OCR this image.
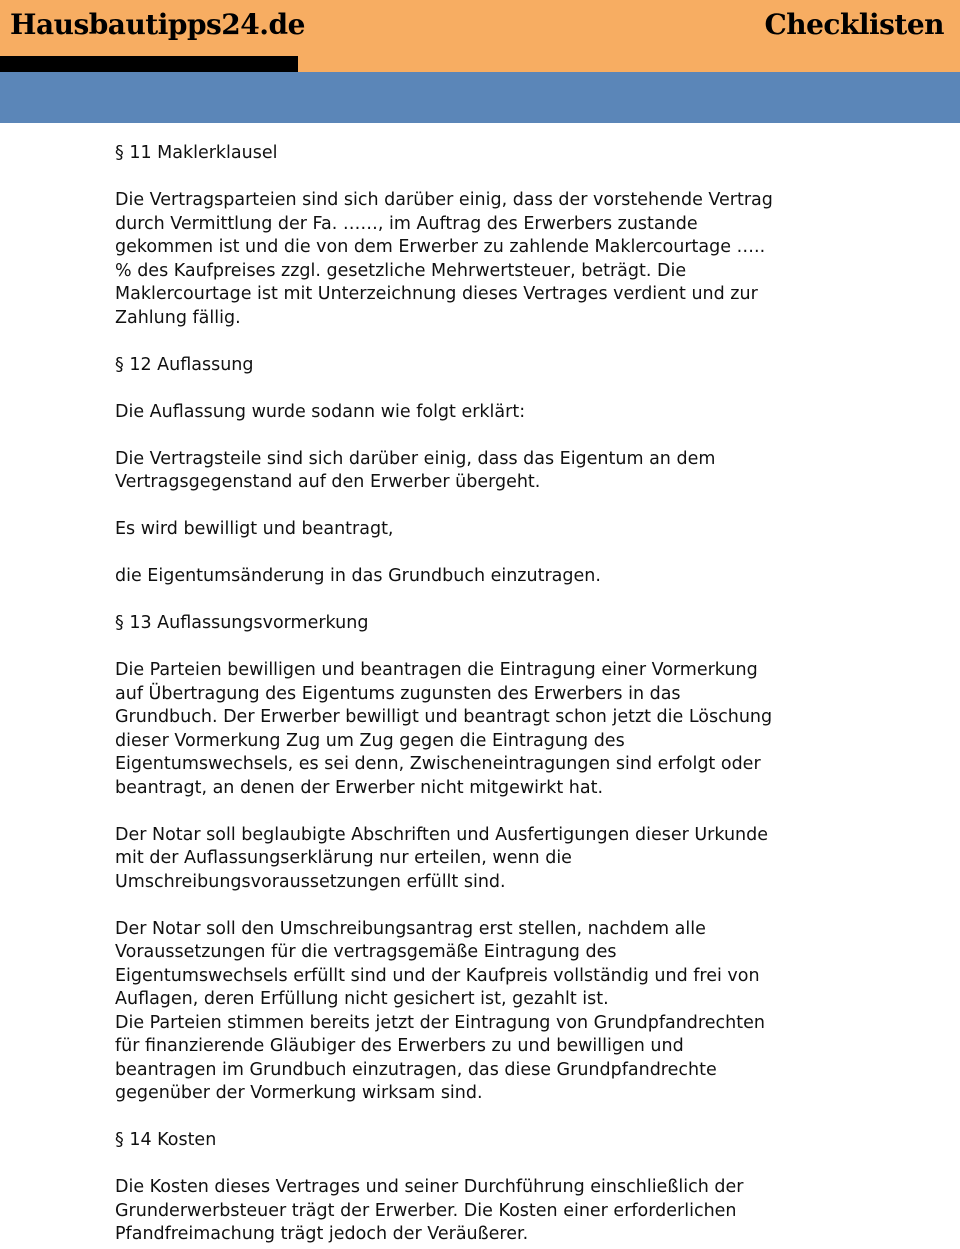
Hausbautipps24.de	Checklisten

§ 11 Maklerklausel

Die Vertragsparteien sind sich darüber einig, dass der vorstehende Vertrag
durch Vermittlung der Fa. ……, im Auftrag des Erwerbers zustande
gekommen ist und die von dem Erwerber zu zahlende Maklercourtage …..
% des Kaufpreises zzgl. gesetzliche Mehrwertsteuer, beträgt. Die
Maklercourtage ist mit Unterzeichnung dieses Vertrages verdient und zur
Zahlung fällig.

§ 12 Auflassung

Die Auflassung wurde sodann wie folgt erklärt:

Die Vertragsteile sind sich darüber einig, dass das Eigentum an dem
Vertragsgegenstand auf den Erwerber übergeht.

Es wird bewilligt und beantragt,

die Eigentumsänderung in das Grundbuch einzutragen.

§ 13 Auflassungsvormerkung

Die Parteien bewilligen und beantragen die Eintragung einer Vormerkung
auf Übertragung des Eigentums zugunsten des Erwerbers in das
Grundbuch. Der Erwerber bewilligt und beantragt schon jetzt die Löschung
dieser Vormerkung Zug um Zug gegen die Eintragung des
Eigentumswechsels, es sei denn, Zwischeneintragungen sind erfolgt oder
beantragt, an denen der Erwerber nicht mitgewirkt hat.

Der Notar soll beglaubigte Abschriften und Ausfertigungen dieser Urkunde
mit der Auflassungserklärung nur erteilen, wenn die
Umschreibungsvoraussetzungen erfüllt sind.

Der Notar soll den Umschreibungsantrag erst stellen, nachdem alle
Voraussetzungen für die vertragsgemäße Eintragung des
Eigentumswechsels erfüllt sind und der Kaufpreis vollständig und frei von
Auflagen, deren Erfüllung nicht gesichert ist, gezahlt ist.

Die Parteien stimmen bereits jetzt der Eintragung von Grundpfandrechten
für finanzierende Gläubiger des Erwerbers zu und bewilligen und
beantragen im Grundbuch einzutragen, das diese Grundpfandrechte
gegenüber der Vormerkung wirksam sind.

§ 14 Kosten

Die Kosten dieses Vertrages und seiner Durchführung einschließlich der
Grunderwerbsteuer trägt der Erwerber. Die Kosten einer erforderlichen
Pfandfreimachung trägt jedoch der Veräußerer.
